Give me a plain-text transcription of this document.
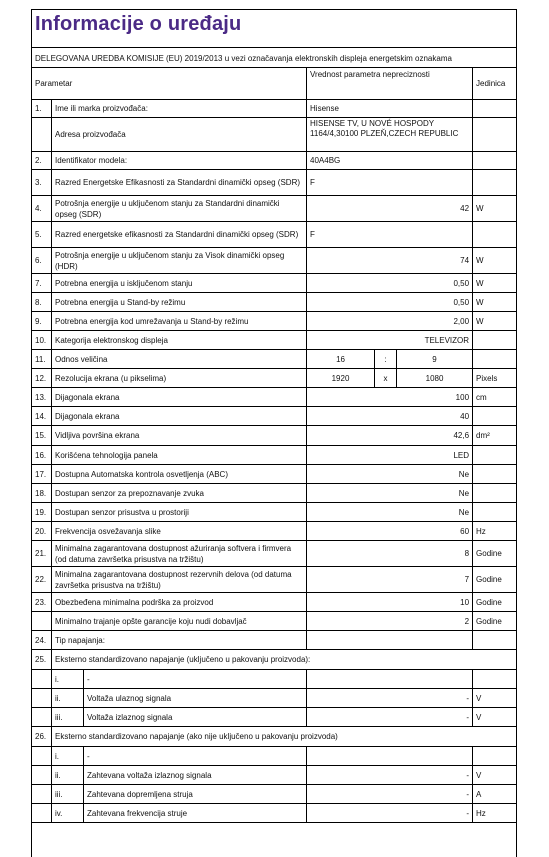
Informacije o uređaju
DELEGOVANA UREDBA KOMISIJE (EU) 2019/2013 u vezi označavanja elektronskih displeja energetskim oznakama
Parametar			Vrednost parametra nepreciznosti			Jedinica
1.	Ime ili marka proizvođača:		Hisense			
	Adresa proizvođača		HISENSE TV, U NOVÉ HOSPODY 1164/4,30100 PLZEŇ,CZECH REPUBLIC			
2.	Identifikator modela:		40A4BG			
3.	Razred Energetske Efikasnosti za Standardni dinamički opseg (SDR)		F			
4.	Potrošnja energije u uključenom stanju za Standardni dinamički opseg (SDR)		42			W
5.	Razred energetske efikasnosti za Standardni dinamički opseg (SDR)		F			
6.	Potrošnja energije u uključenom stanju za Visok dinamički opseg (HDR)		74			W
7.	Potrebna energija u isključenom stanju		0,50			W
8.	Potrebna energija u Stand-by režimu		0,50			W
9.	Potrebna energija kod umrežavanja u Stand-by režimu		2,00			W
10.	Kategorija elektronskog displeja		TELEVIZOR			
11.	Odnos veličina		16	:	9	
12.	Rezolucija ekrana (u pikselima)		1920	x	1080	Pixels
13.	Dijagonala ekrana		100			cm
14.	Dijagonala ekrana		40			
15.	Vidljiva površina ekrana		42,6			dm²
16.	Korišćena tehnologija panela		LED			
17.	Dostupna Automatska kontrola osvetljenja (ABC)		Ne			
18.	Dostupan senzor za prepoznavanje zvuka		Ne			
19.	Dostupan senzor prisustva u prostoriji		Ne			
20.	Frekvencija osvežavanja slike		60			Hz
21.	Minimalna zagarantovana dostupnost ažuriranja softvera i firmvera (od datuma završetka prisustva na tržištu)		8			Godine
22.	Minimalna zagarantovana dostupnost rezervnih delova (od datuma završetka prisustva na tržištu)		7			Godine
23.	Obezbeđena minimalna podrška za proizvod		10			Godine
	Minimalno trajanje opšte garancije koju nudi dobavljač		2			Godine
24.	Tip napajanja:					
25.	Eksterno standardizovano napajanje (uključeno u pakovanju proizvoda):					
	i.	-				
	ii.	Voltaža ulaznog signala	-			V
	iii.	Voltaža izlaznog signala	-			V
26.	Eksterno standardizovano napajanje (ako nije uključeno u pakovanju proizvoda)					
	i.	-				
	ii.	Zahtevana voltaža izlaznog signala	-			V
	iii.	Zahtevana dopremljena struja	-			A
	iv.	Zahtevana frekvencija struje	-			Hz
